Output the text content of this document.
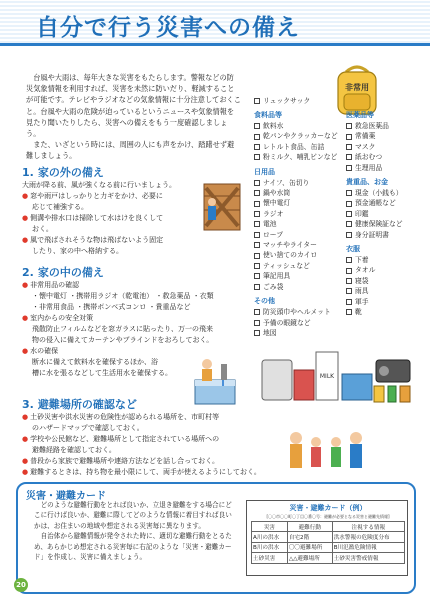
自分で行う災害への備え

台風や大雨は、毎年大きな災害をもたらします。警報などの防災気象情報を利用すれば、災害を未然に防いだり、軽減することが可能です。テレビやラジオなどの気象情報に十分注意しておくこと。台風や大雨の危険が迫っているというニュースや気象情報を見たり聞いたりしたら、災害への備えをもう一度確認しましょう。

また、いざという時には、周囲の人にも声をかけ、踏躇せず避難しましょう。

1. 家の外の備え
大雨が降る前、風が強くなる前に行いましょう。
● 窓や雨戸はしっかりと力ギをかけ、必要に
応じて補強する。
● 側溝や排水口は掃除して水はけを良くして
おく。
● 風で飛ばされそうな物は飛ばないよう固定
したり、家の中へ格納する。
2. 家の中の備え
● 非常用品の確認
・懐中電灯 ・携帯用ラジオ（乾電池） ・救急薬品 ・衣類
・非常用食品 ・携帯ボンベ式コンロ ・貴重品など
● 室内からの安全対策
飛散防止フィルムなどを窓ガラスに貼ったり、万一の飛来
物の侵入に備えてカーテンやブラインドをおろしておく。
● 水の確保
断水に備えて飲料水を確保するほか、浴
槽に水を張るなどして生活用水を確保する。
3. 避難場所の確認など
● 土砂災害や洪水災害の危険性が認められる場所を、市町村等
のハザードマップで確認しておく。
● 学校や公民館など、避難場所として指定されている場所への
避難経路を確認しておく。
● 普段から家族で避難場所や連絡方法などを話し合っておく。
● 避難するときは、持ち物を最小限にして、両手が使えるようにしておく。
非常用
リュックサック
食料品等
飲料水
乾パンやクラッカーなど
レトルト食品、缶詰
粉ミルク、哺乳ビンなど
日用品
ナイフ、缶切り
鍋や水筒
懐中電灯
ラジオ
電池
ロープ
マッチやライター
使い捨てのカイロ
ティッシュなど
筆記用具
ごみ袋
その他
防災頭巾やヘルメット
予備の眼鏡など
地図
医薬品等
救急医薬品
常備薬
マスク
紙おむつ
生理用品
貴重品、お金
現金（小銭も）
預金通帳など
印鑑
健康保険証など
身分証明書
衣服
下着
タオル
寝袋
雨具
軍手
靴
MILK
災害・避難カード

どのような避難行動をとれば良いか、立退き避難をする場合にどこに行けば良いか、避難に際してどのような情報に着目すれば良いかは、お住まいの地域や想定される災害毎に異なります。

自治体から避難情報が発令された時に、適切な避難行動をとるため、あらかじめ想定される災害毎に右記のような「災害・避難カード」を作成し、災害に備えましょう。

災害・避難カード（例）
[〇〇市〇〇町〇丁目〇番〇号：避難が必要となる災害と避難先情報]
災害	避難行動	注視する情報
A川の洪水	自宅2階	洪水警報の危険度分布
B川の洪水	〇〇避難場所	B川氾濫危険情報
土砂災害	△△避難場所	土砂災害警戒情報
20
